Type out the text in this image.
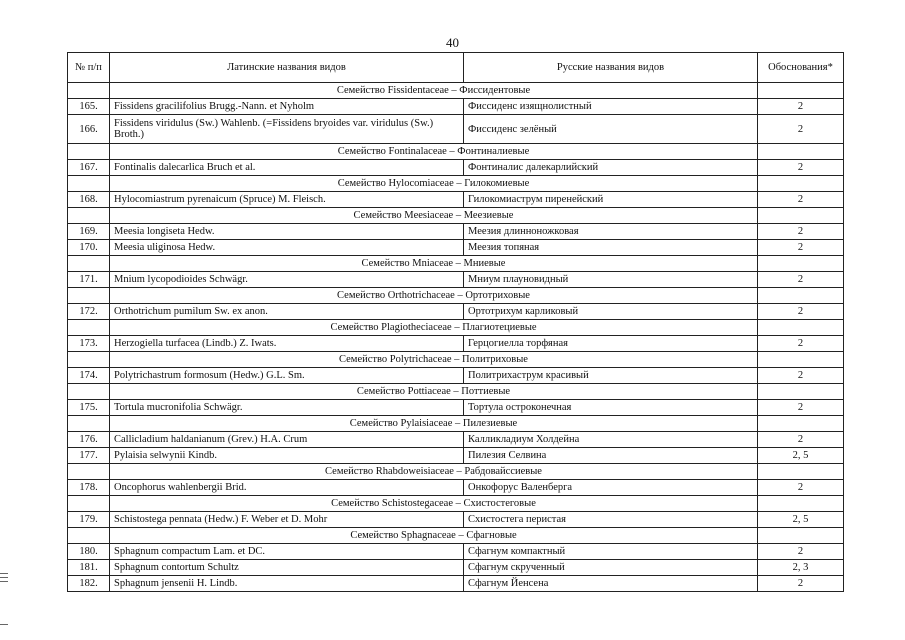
40
№ п/п	Латинские названия видов	Русские названия видов	Обоснования*
	Семейство Fissidentaceae – Фиссидентовые		
165.	Fissidens gracilifolius Brugg.-Nann. et Nyholm	Фиссиденс изящнолистный	2
166.	Fissidens viridulus (Sw.) Wahlenb. (=Fissidens bryoides var. viridulus (Sw.) Broth.)	Фиссиденс зелёный	2
	Семейство Fontinalaceae – Фонтиналиевые		
167.	Fontinalis dalecarlica Bruch et al.	Фонтиналис далекарлийский	2
	Семейство Hylocomiaceae – Гилокомиевые		
168.	Hylocomiastrum pyrenaicum (Spruce) M. Fleisch.	Гилокомиаструм пиренейский	2
	Семейство Meesiaceae – Меезиевые		
169.	Meesia longiseta Hedw.	Меезия длинноножковая	2
170.	Meesia uliginosa Hedw.	Меезия топяная	2
	Семейство Mniaceae – Мниевые		
171.	Mnium lycopodioides Schwägr.	Мниум плауновидный	2
	Семейство Orthotrichaceae – Ортотриховые		
172.	Orthotrichum pumilum Sw. ex anon.	Ортотрихум карликовый	2
	Семейство Plagiotheciaceae – Плагиотециевые		
173.	Herzogiella turfacea (Lindb.) Z. Iwats.	Герцогиелла торфяная	2
	Семейство Polytrichaceae – Политриховые		
174.	Polytrichastrum formosum (Hedw.) G.L. Sm.	Политрихаструм красивый	2
	Семейство Pottiaceae – Поттиевые		
175.	Tortula mucronifolia Schwägr.	Тортула остроконечная	2
	Семейство Pylaisiaceae – Пилезиевые		
176.	Callicladium haldanianum (Grev.) H.A. Crum	Калликладиум Холдейна	2
177.	Pylaisia selwynii Kindb.	Пилезия Селвина	2, 5
	Семейство Rhabdoweisiaceae – Рабдовайссиевые		
178.	Oncophorus wahlenbergii Brid.	Онкофорус Валенберга	2
	Семейство Schistostegaceae – Схистостеговые		
179.	Schistostega pennata (Hedw.) F. Weber et D. Mohr	Схистостега перистая	2, 5
	Семейство Sphagnaceae – Сфагновые		
180.	Sphagnum compactum Lam. et DC.	Сфагнум компактный	2
181.	Sphagnum contortum Schultz	Сфагнум скрученный	2, 3
182.	Sphagnum jensenii H. Lindb.	Сфагнум Йенсена	2
